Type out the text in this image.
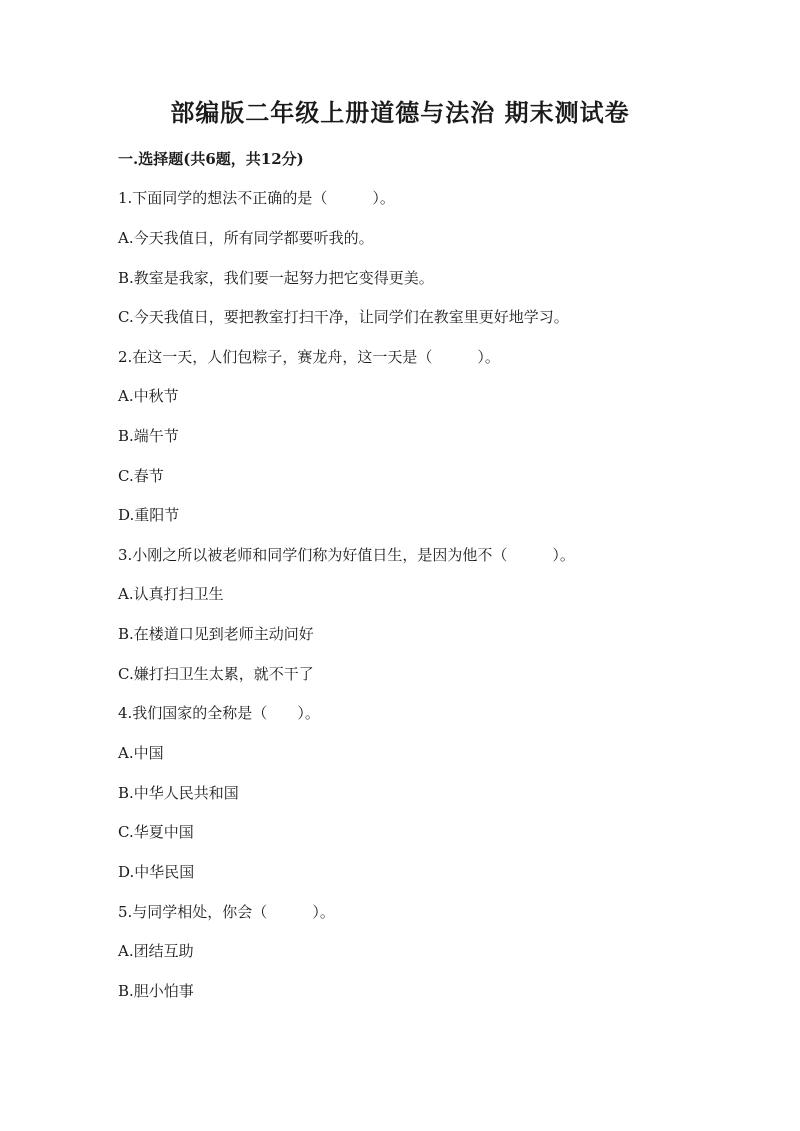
部编版二年级上册道德与法治 期末测试卷
一.选择题(共6题，共12分)
1.下面同学的想法不正确的是（　　　）。
A.今天我值日，所有同学都要听我的。
B.教室是我家，我们要一起努力把它变得更美。
C.今天我值日，要把教室打扫干净，让同学们在教室里更好地学习。
2.在这一天，人们包粽子，赛龙舟，这一天是（　　　）。
A.中秋节
B.端午节
C.春节
D.重阳节
3.小刚之所以被老师和同学们称为好值日生，是因为他不（　　　）。
A.认真打扫卫生
B.在楼道口见到老师主动问好
C.嫌打扫卫生太累，就不干了
4.我们国家的全称是（　　）。
A.中国
B.中华人民共和国
C.华夏中国
D.中华民国
5.与同学相处，你会（　　　）。
A.团结互助
B.胆小怕事
